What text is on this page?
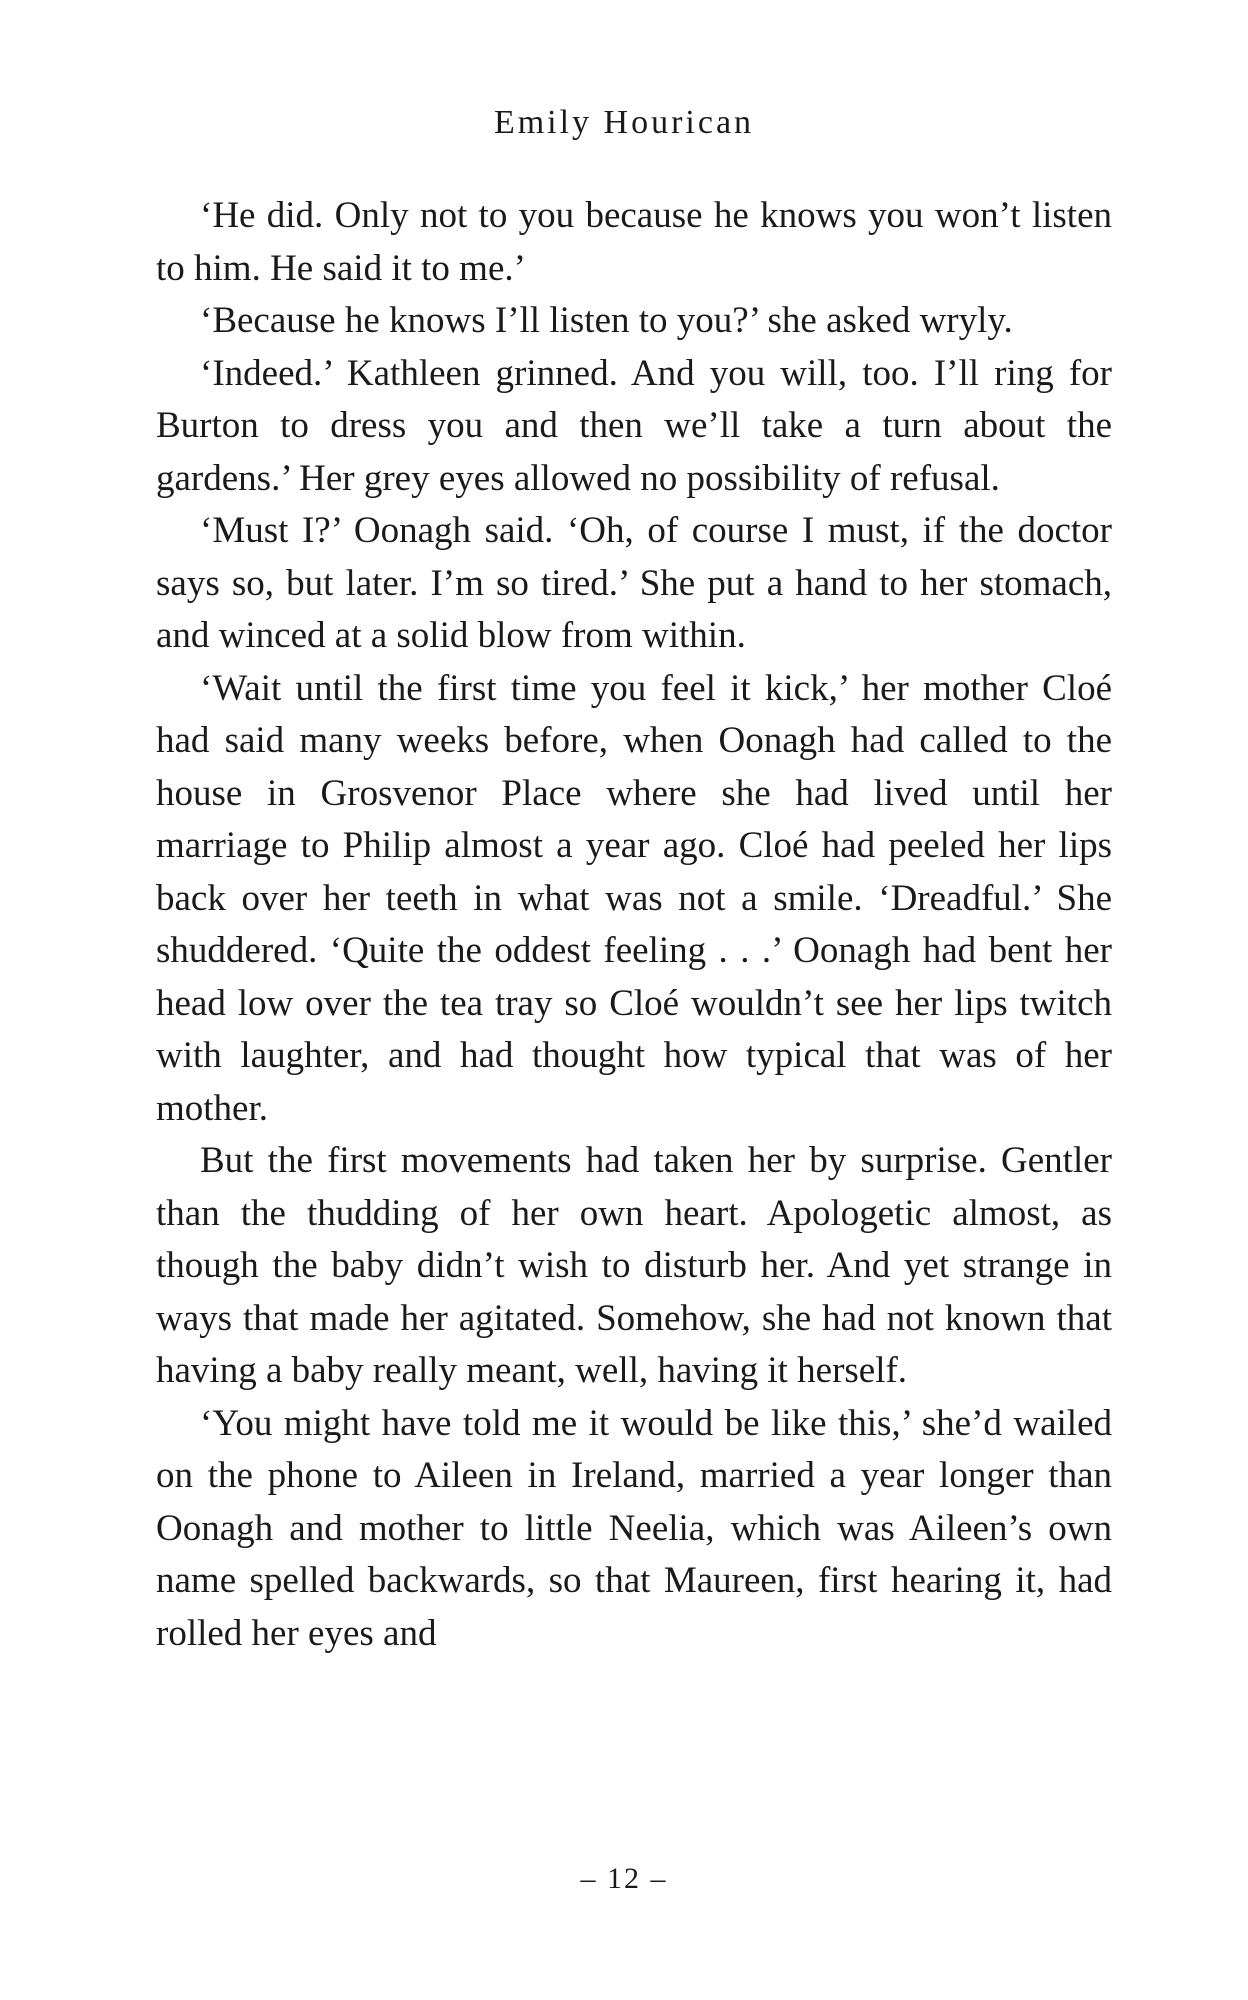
Emily Hourican

‘He did. Only not to you because he knows you won’t listen to him. He said it to me.’

‘Because he knows I’ll listen to you?’ she asked wryly.

‘Indeed.’ Kathleen grinned. And you will, too. I’ll ring for Burton to dress you and then we’ll take a turn about the gardens.’ Her grey eyes allowed no possibility of refusal.

‘Must I?’ Oonagh said. ‘Oh, of course I must, if the doctor says so, but later. I’m so tired.’ She put a hand to her stomach, and winced at a solid blow from within.

‘Wait until the first time you feel it kick,’ her mother Cloé had said many weeks before, when Oonagh had called to the house in Grosvenor Place where she had lived until her marriage to Philip almost a year ago. Cloé had peeled her lips back over her teeth in what was not a smile. ‘Dreadful.’ She shuddered. ‘Quite the oddest feeling . . .’ Oonagh had bent her head low over the tea tray so Cloé wouldn’t see her lips twitch with laughter, and had thought how typical that was of her mother.

But the first movements had taken her by surprise. Gentler than the thudding of her own heart. Apologetic almost, as though the baby didn’t wish to disturb her. And yet strange in ways that made her agitated. Somehow, she had not known that having a baby really meant, well, having it herself.

‘You might have told me it would be like this,’ she’d wailed on the phone to Aileen in Ireland, married a year longer than Oonagh and mother to little Neelia, which was Aileen’s own name spelled backwards, so that Maureen, first hearing it, had rolled her eyes and

– 12 –
